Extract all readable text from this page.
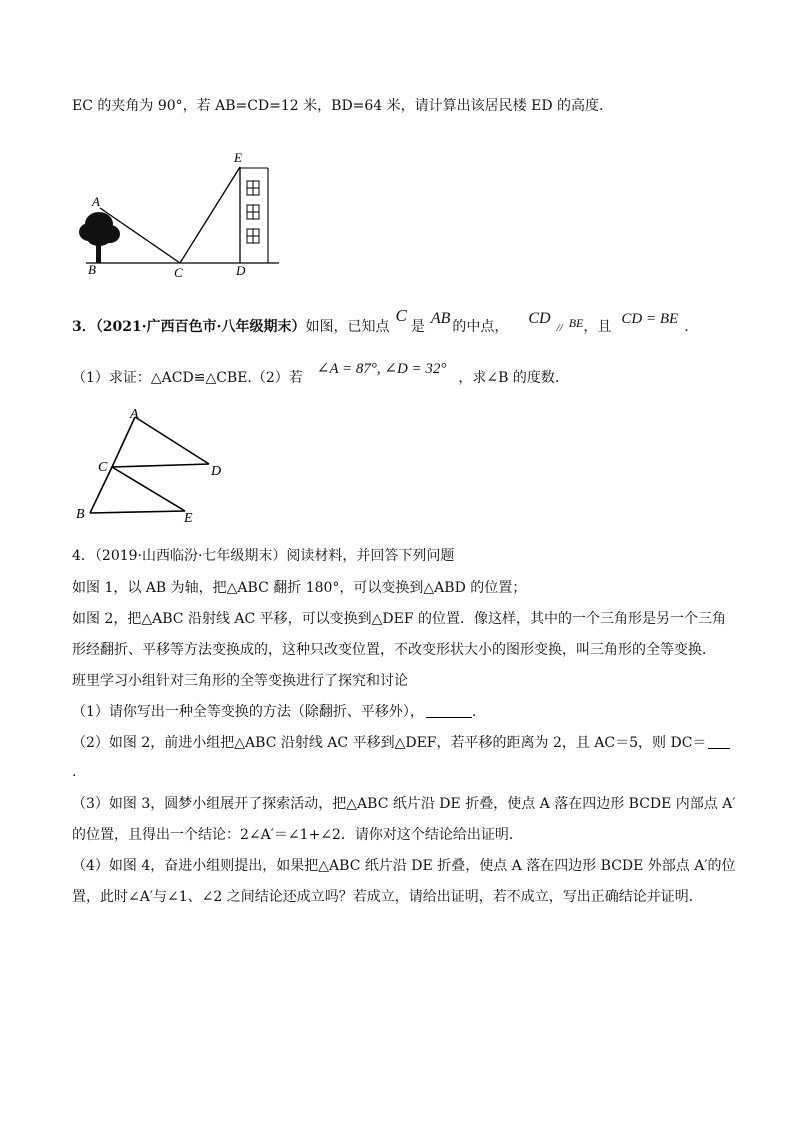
EC 的夹角为 90°，若 AB=CD=12 米，BD=64 米，请计算出该居民楼 ED 的高度.
A
B	C	D
E
3．（2021·广西百色市·八年级期末）如图，已知点C是 AB 的中点， CD// BE，且 CD = BE .
（1）求证：△ACD≌△CBE.（2）若∠A = 87°, ∠D = 32°，求∠B 的度数.
A
C	D
B	E
4．（2019·山西临汾·七年级期末）阅读材料，并回答下列问题
如图 1，以 AB 为轴，把△ABC 翻折 180°，可以变换到△ABD 的位置；
如图 2，把△ABC 沿射线 AC 平移，可以变换到△DEF 的位置．像这样，其中的一个三角形是另一个三角
形经翻折、平移等方法变换成的，这种只改变位置，不改变形状大小的图形变换，叫三角形的全等变换．
班里学习小组针对三角形的全等变换进行了探究和讨论
（1）请你写出一种全等变换的方法（除翻折、平移外），	.
（2）如图 2，前进小组把△ABC 沿射线 AC 平移到△DEF，若平移的距离为 2，且 AC＝5，则 DC＝
.
（3）如图 3，圆梦小组展开了探索活动，把△ABC 纸片沿 DE 折叠，使点 A 落在四边形 BCDE 内部点 A′
的位置，且得出一个结论：2∠A′＝∠1+∠2．请你对这个结论给出证明．
（4）如图 4，奋进小组则提出，如果把△ABC 纸片沿 DE 折叠，使点 A 落在四边形 BCDE 外部点 A′的位
置，此时∠A′与∠1、∠2 之间结论还成立吗？若成立，请给出证明，若不成立，写出正确结论并证明．
